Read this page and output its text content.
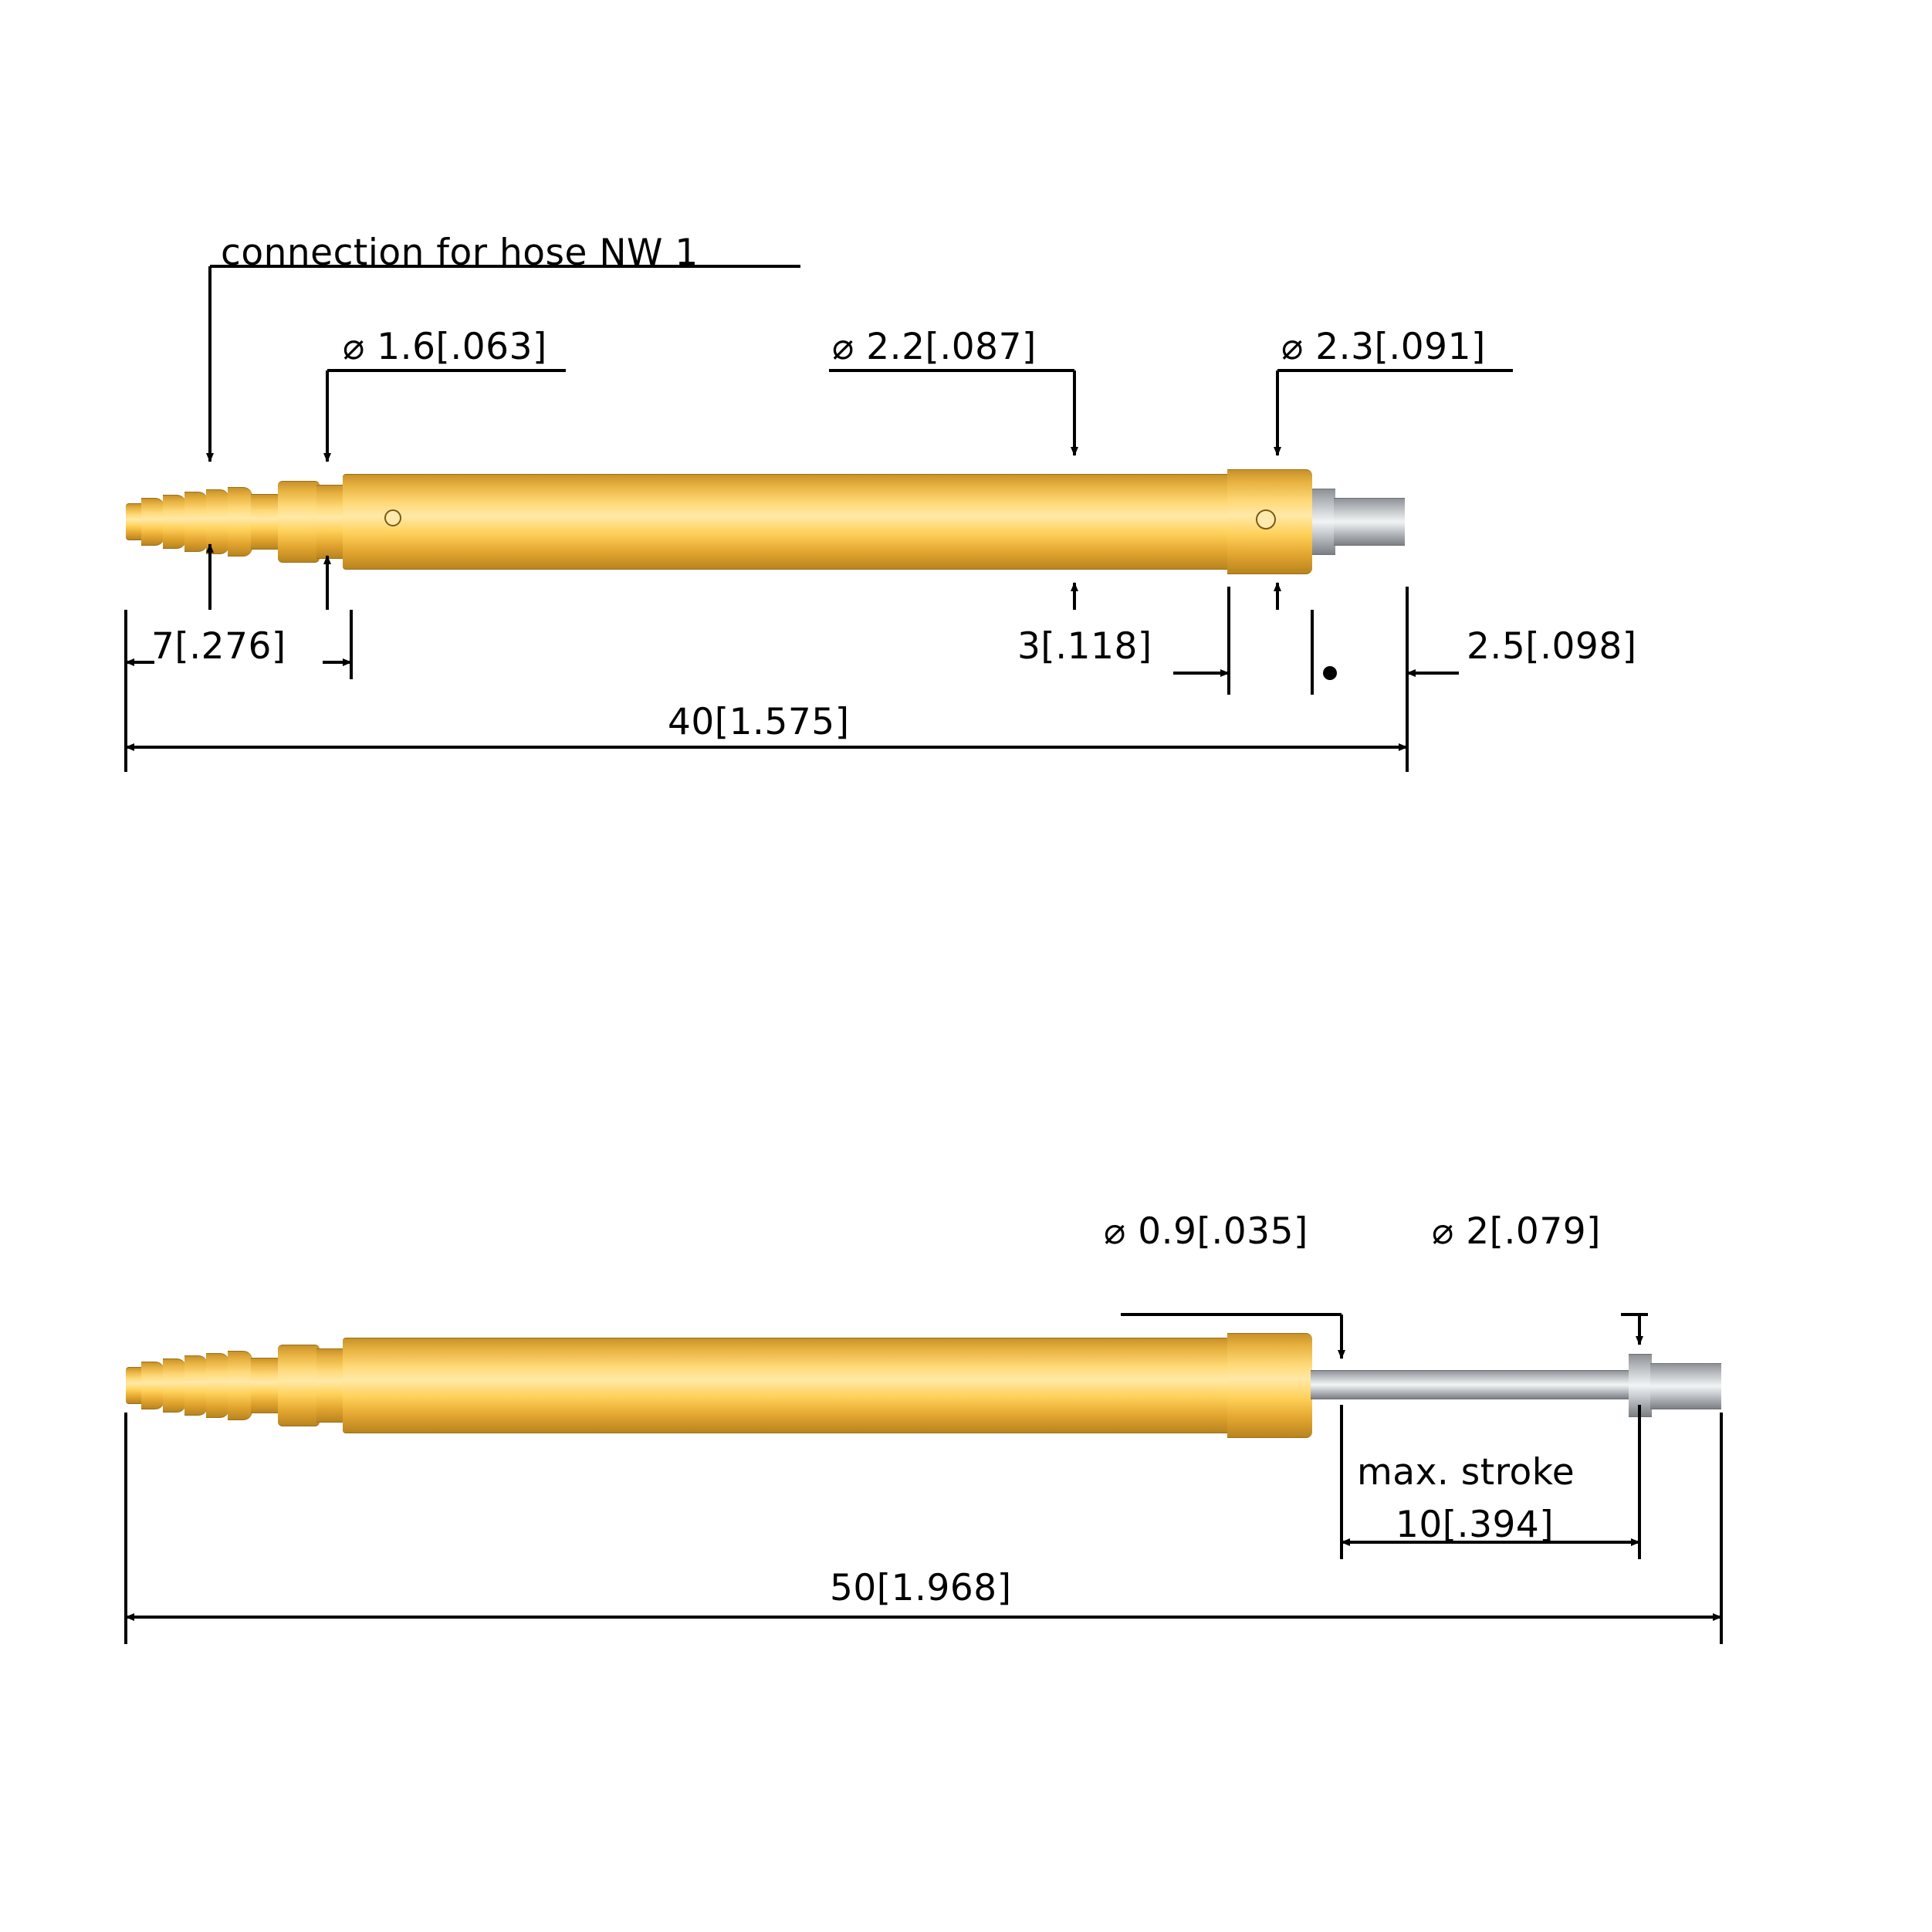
connection for hose NW 1
⌀ 1.6[.063]	⌀ 2.2[.087]	⌀ 2.3[.091]
7[.276]	3[.118]	2.5[.098]
40[1.575]
⌀ 0.9[.035]	⌀ 2[.079]
max. stroke
10[.394]
50[1.968]
